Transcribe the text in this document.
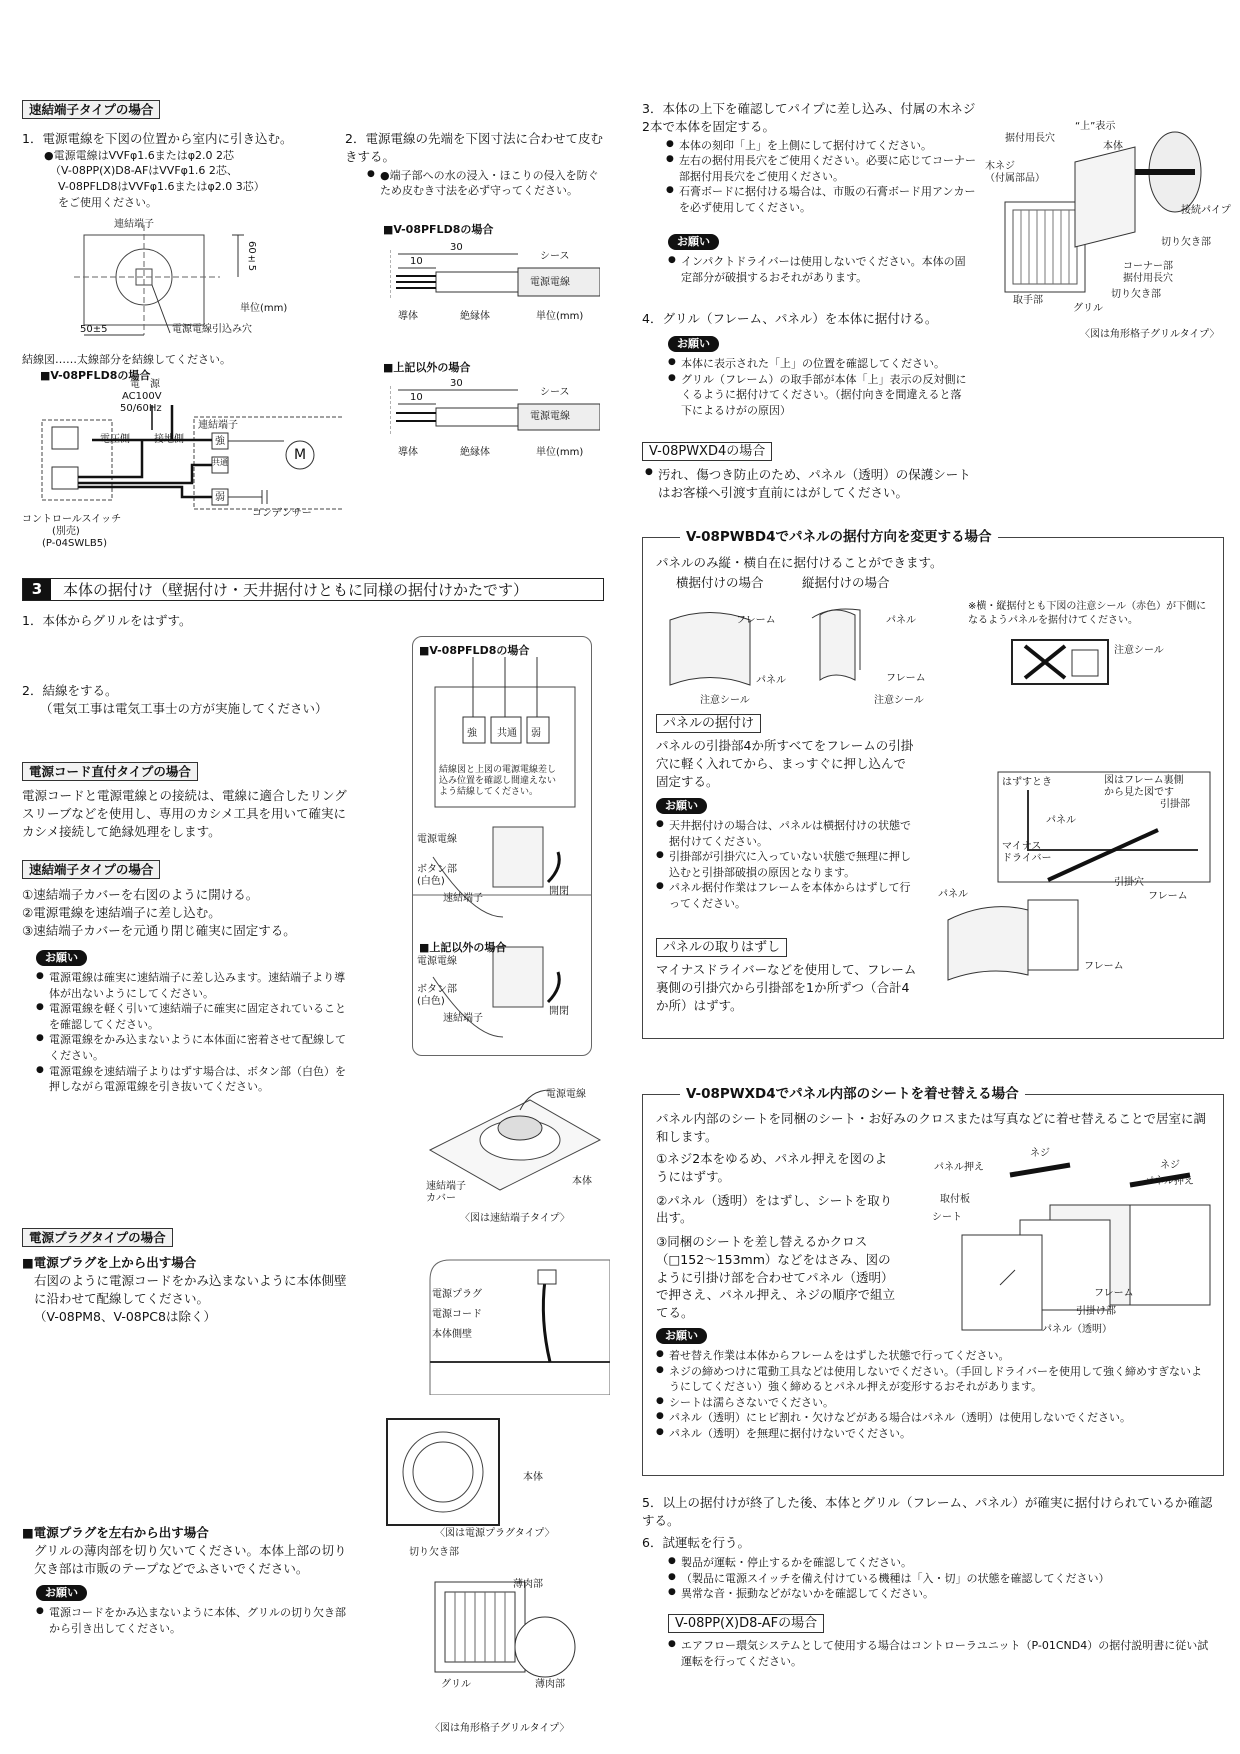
速結端子タイプの場合
1．電源電線を下図の位置から室内に引き込む。
●電源電線はVVFφ1.6またはφ2.0 2芯
（V-08PP(X)D8-AFはVVFφ1.6 2芯、
V-08PFLD8はVVFφ1.6またはφ2.0 3芯）
をご使用ください。
連結端子
60±5
単位(mm)
50±5	電源電線引込み穴
結線図……太線部分を結線してください。
■V-08PFLD8の場合
電　源
AC100V
50/60Hz
連結端子
接地側
電圧側	強
共通
弱
M
コンデンサー
コントロールスイッチ
(別売)
(P-04SWLB5)
2．電源電線の先端を下図寸法に合わせて皮むきする。
● ●端子部への水の浸入・ほこりの侵入を防ぐため皮むき寸法を必ず守ってください。
■V-08PFLD8の場合
30
10	シース
電源電線
導体	絶縁体	単位(mm)
■上記以外の場合
30
10	シース
電源電線
導体	絶縁体	単位(mm)
3	本体の据付け（壁据付け・天井据付けともに同様の据付けかたです）
1．本体からグリルをはずす。
2．結線をする。
（電気工事は電気工事士の方が実施してください）
電源コード直付タイプの場合
電源コードと電源電線との接続は、電線に適合したリングスリーブなどを使用し、専用のカシメ工具を用いて確実にカシメ接続して絶縁処理をします。
速結端子タイプの場合
①速結端子カバーを右図のように開ける。
②電源電線を速結端子に差し込む。
③速結端子カバーを元通り閉じ確実に固定する。
お願い
● 電源電線は確実に速結端子に差し込みます。速結端子より導体が出ないようにしてください。
● 電源電線を軽く引いて速結端子に確実に固定されていることを確認してください。
● 電源電線をかみ込まないように本体面に密着させて配線してください。
● 電源電線を速結端子よりはずす場合は、ボタン部（白色）を押しながら電源電線を引き抜いてください。
電源プラグタイプの場合
■電源プラグを上から出す場合
右図のように電源コードをかみ込まないように本体側壁に沿わせて配線してください。
（V-08PM8、V-08PC8は除く）
■電源プラグを左右から出す場合
グリルの薄肉部を切り欠いてください。本体上部の切り欠き部は市販のテープなどでふさいでください。
お願い
● 電源コードをかみ込まないように本体、グリルの切り欠き部から引き出してください。
■V-08PFLD8の場合
強 共通 弱
結線図と上図の電源電線差し込み位置を確認し間違えないよう結線してください。
電源電線
ボタン部
(白色)
速結端子
開閉
■上記以外の場合
電源電線
ボタン部
(白色)
速結端子
開閉
電源電線
速結端子
カバー
本体
〈図は速結端子タイプ〉
電源プラグ
電源コード
本体側壁
本体
〈図は電源プラグタイプ〉
切り欠き部
薄肉部
グリル	薄肉部
〈図は角形格子グリルタイプ〉
3．本体の上下を確認してパイプに差し込み、付属の木ネジ2本で本体を固定する。
● 本体の刻印「上」を上側にして据付けてください。
● 左右の据付用長穴をご使用ください。必要に応じてコーナー部据付用長穴をご使用ください。
● 石膏ボードに据付ける場合は、市販の石膏ボード用アンカーを必ず使用してください。
お願い
● インパクトドライバーは使用しないでください。本体の固定部分が破損するおそれがあります。
据付用長穴
“上”表示
本体
木ネジ
（付属部品）
接続パイプ
切り欠き部
コーナー部
据付用長穴
取手部
グリル
切り欠き部
〈図は角形格子グリルタイプ〉
4．グリル（フレーム、パネル）を本体に据付ける。
お願い
● 本体に表示された「上」の位置を確認してください。
● グリル（フレーム）の取手部が本体「上」表示の反対側にくるように据付けてください。（据付向きを間違えると落下によるけがの原因）
V-08PWXD4の場合
● 汚れ、傷つき防止のため、パネル（透明）の保護シートはお客様へ引渡す直前にはがしてください。
V-08PWBD4でパネルの据付方向を変更する場合
パネルのみ縦・横自在に据付けることができます。
横据付けの場合	縦据付けの場合
フレーム
パネル
注意シール
パネル
フレーム
注意シール
※横・縦据付とも下図の注意シール（赤色）が下側になるようパネルを据付けてください。
注意シール
パネルの据付け
パネルの引掛部4か所すべてをフレームの引掛穴に軽く入れてから、まっすぐに押し込んで固定する。
お願い
● 天井据付けの場合は、パネルは横据付けの状態で据付けてください。
● 引掛部が引掛穴に入っていない状態で無理に押し込むと引掛部破損の原因となります。
● パネル据付作業はフレームを本体からはずして行ってください。
パネルの取りはずし
マイナスドライバーなどを使用して、フレーム裏側の引掛穴から引掛部を1か所ずつ（合計4か所）はずす。
はずすとき	図はフレーム裏側
から見た図です
引掛部
パネル
マイナス
ドライバー
引掛穴
フレーム
パネル
フレーム
V-08PWXD4でパネル内部のシートを着せ替える場合
パネル内部のシートを同梱のシート・お好みのクロスまたは写真などに着せ替えることで居室に調和します。
①ネジ2本をゆるめ、パネル押えを図のようにはずす。
②パネル（透明）をはずし、シートを取り出す。
③同梱のシートを差し替えるかクロス（□152〜153mm）などをはさみ、図のように引掛け部を合わせてパネル（透明）で押さえ、パネル押え、ネジの順序で組立てる。
ネジ
パネル押え	ネジ
パネル押え
取付板
シート
フレーム
引掛け部
パネル（透明）
お願い
● 着せ替え作業は本体からフレームをはずした状態で行ってください。
● ネジの締めつけに電動工具などは使用しないでください。（手回しドライバーを使用して強く締めすぎないようにしてください）強く締めるとパネル押えが変形するおそれがあります。
● シートは濡らさないでください。
● パネル（透明）にヒビ割れ・欠けなどがある場合はパネル（透明）は使用しないでください。
● パネル（透明）を無理に据付けないでください。
5．以上の据付けが終了した後、本体とグリル（フレーム、パネル）が確実に据付けられているか確認する。
6．試運転を行う。
● 製品が運転・停止するかを確認してください。
● （製品に電源スイッチを備え付けている機種は「入・切」の状態を確認してください）
● 異常な音・振動などがないかを確認してください。
V-08PP(X)D8-AFの場合
● エアフロー環気システムとして使用する場合はコントローラユニット（P-01CND4）の据付説明書に従い試運転を行ってください。
